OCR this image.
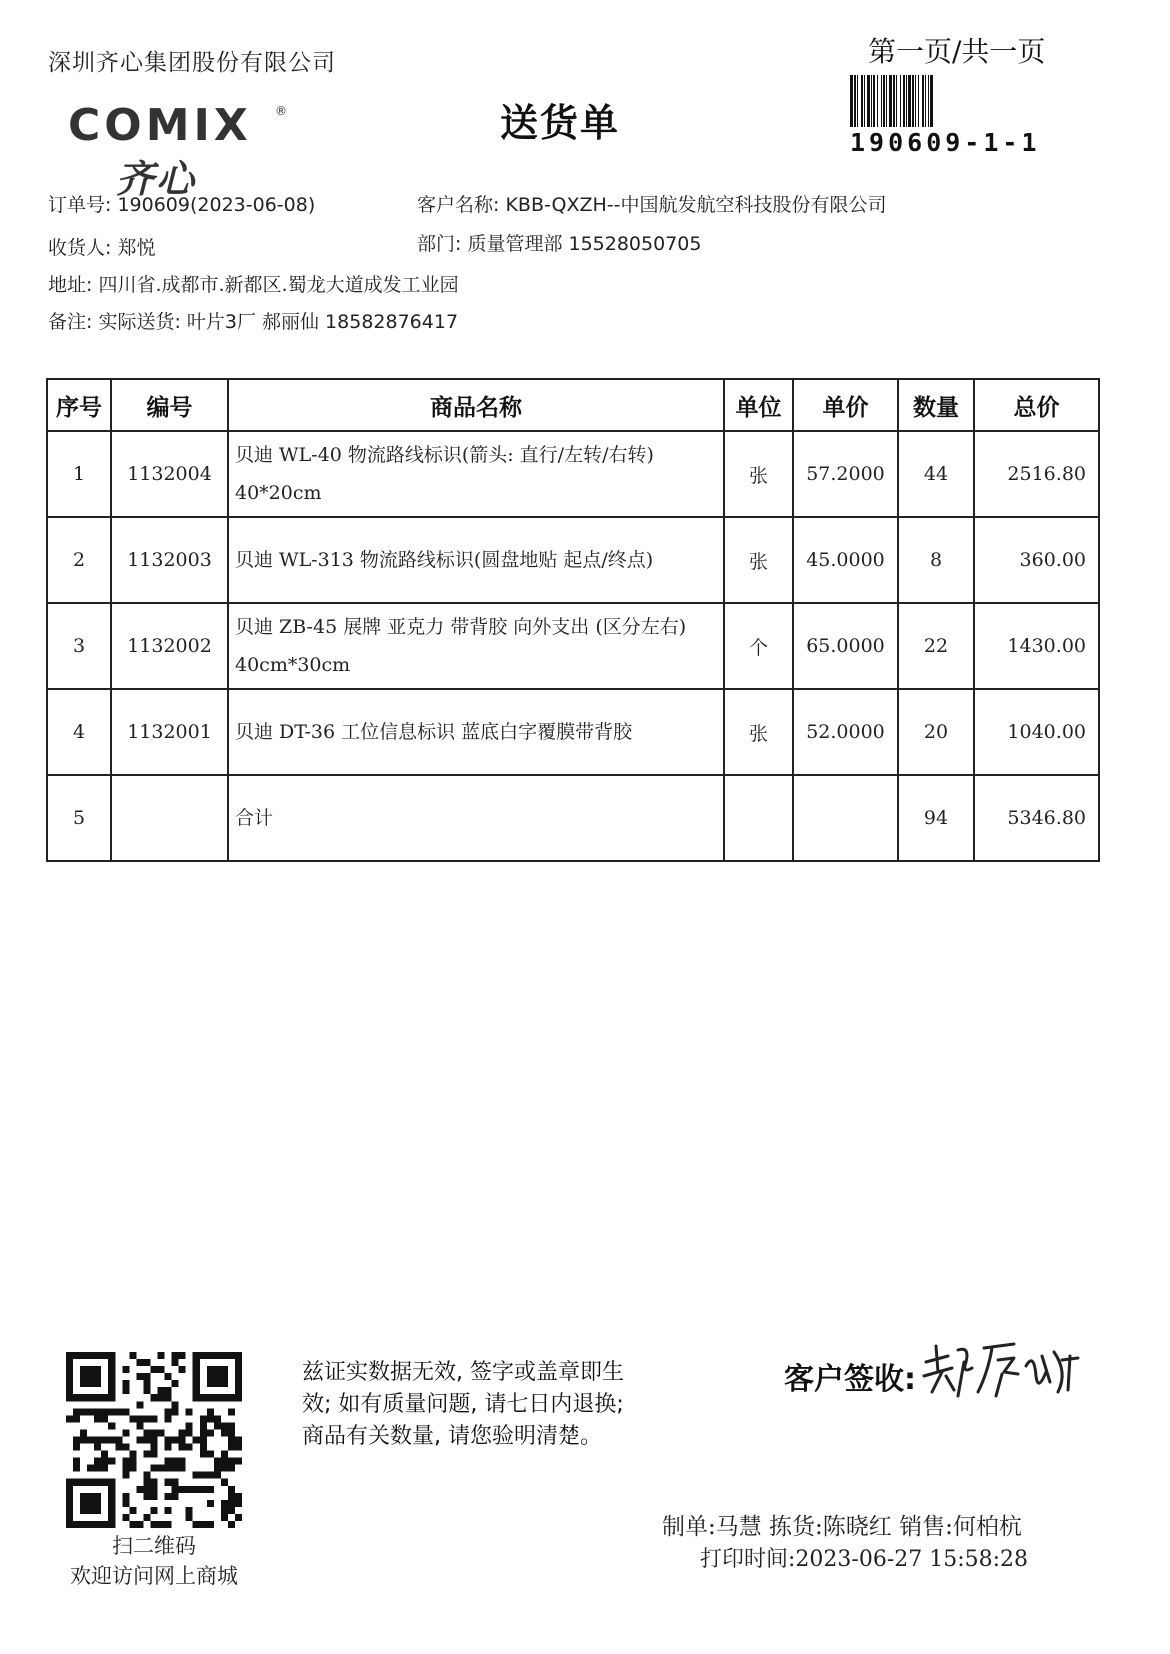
深圳齐心集团股份有限公司
COMIX ®
齐心
送货单
第一页/共一页
190609-1-1
订单号: 190609(2023-06-08)	客户名称: KBB-QXZH--中国航发航空科技股份有限公司
收货人: 郑悦	部门: 质量管理部 15528050705
地址: 四川省.成都市.新都区.蜀龙大道成发工业园
备注: 实际送货: 叶片3厂 郝丽仙 18582876417
序号	编号	商品名称	单位	单价	数量	总价
1	1132004	贝迪 WL-40 物流路线标识(箭头: 直行/左转/右转) 40*20cm	张	57.2000	44	2516.80
2	1132003	贝迪 WL-313 物流路线标识(圆盘地贴 起点/终点)	张	45.0000	8	360.00
3	1132002	贝迪 ZB-45 展牌 亚克力 带背胶 向外支出 (区分左右) 40cm*30cm	个	65.0000	22	1430.00
4	1132001	贝迪 DT-36 工位信息标识 蓝底白字覆膜带背胶	张	52.0000	20	1040.00
5		合计			94	5346.80
扫二维码
欢迎访问网上商城
兹证实数据无效, 签字或盖章即生
效; 如有质量问题, 请七日内退换;
商品有关数量, 请您验明清楚。
客户签收:
制单:马慧 拣货:陈晓红 销售:何柏杭
打印时间:2023-06-27 15:58:28
